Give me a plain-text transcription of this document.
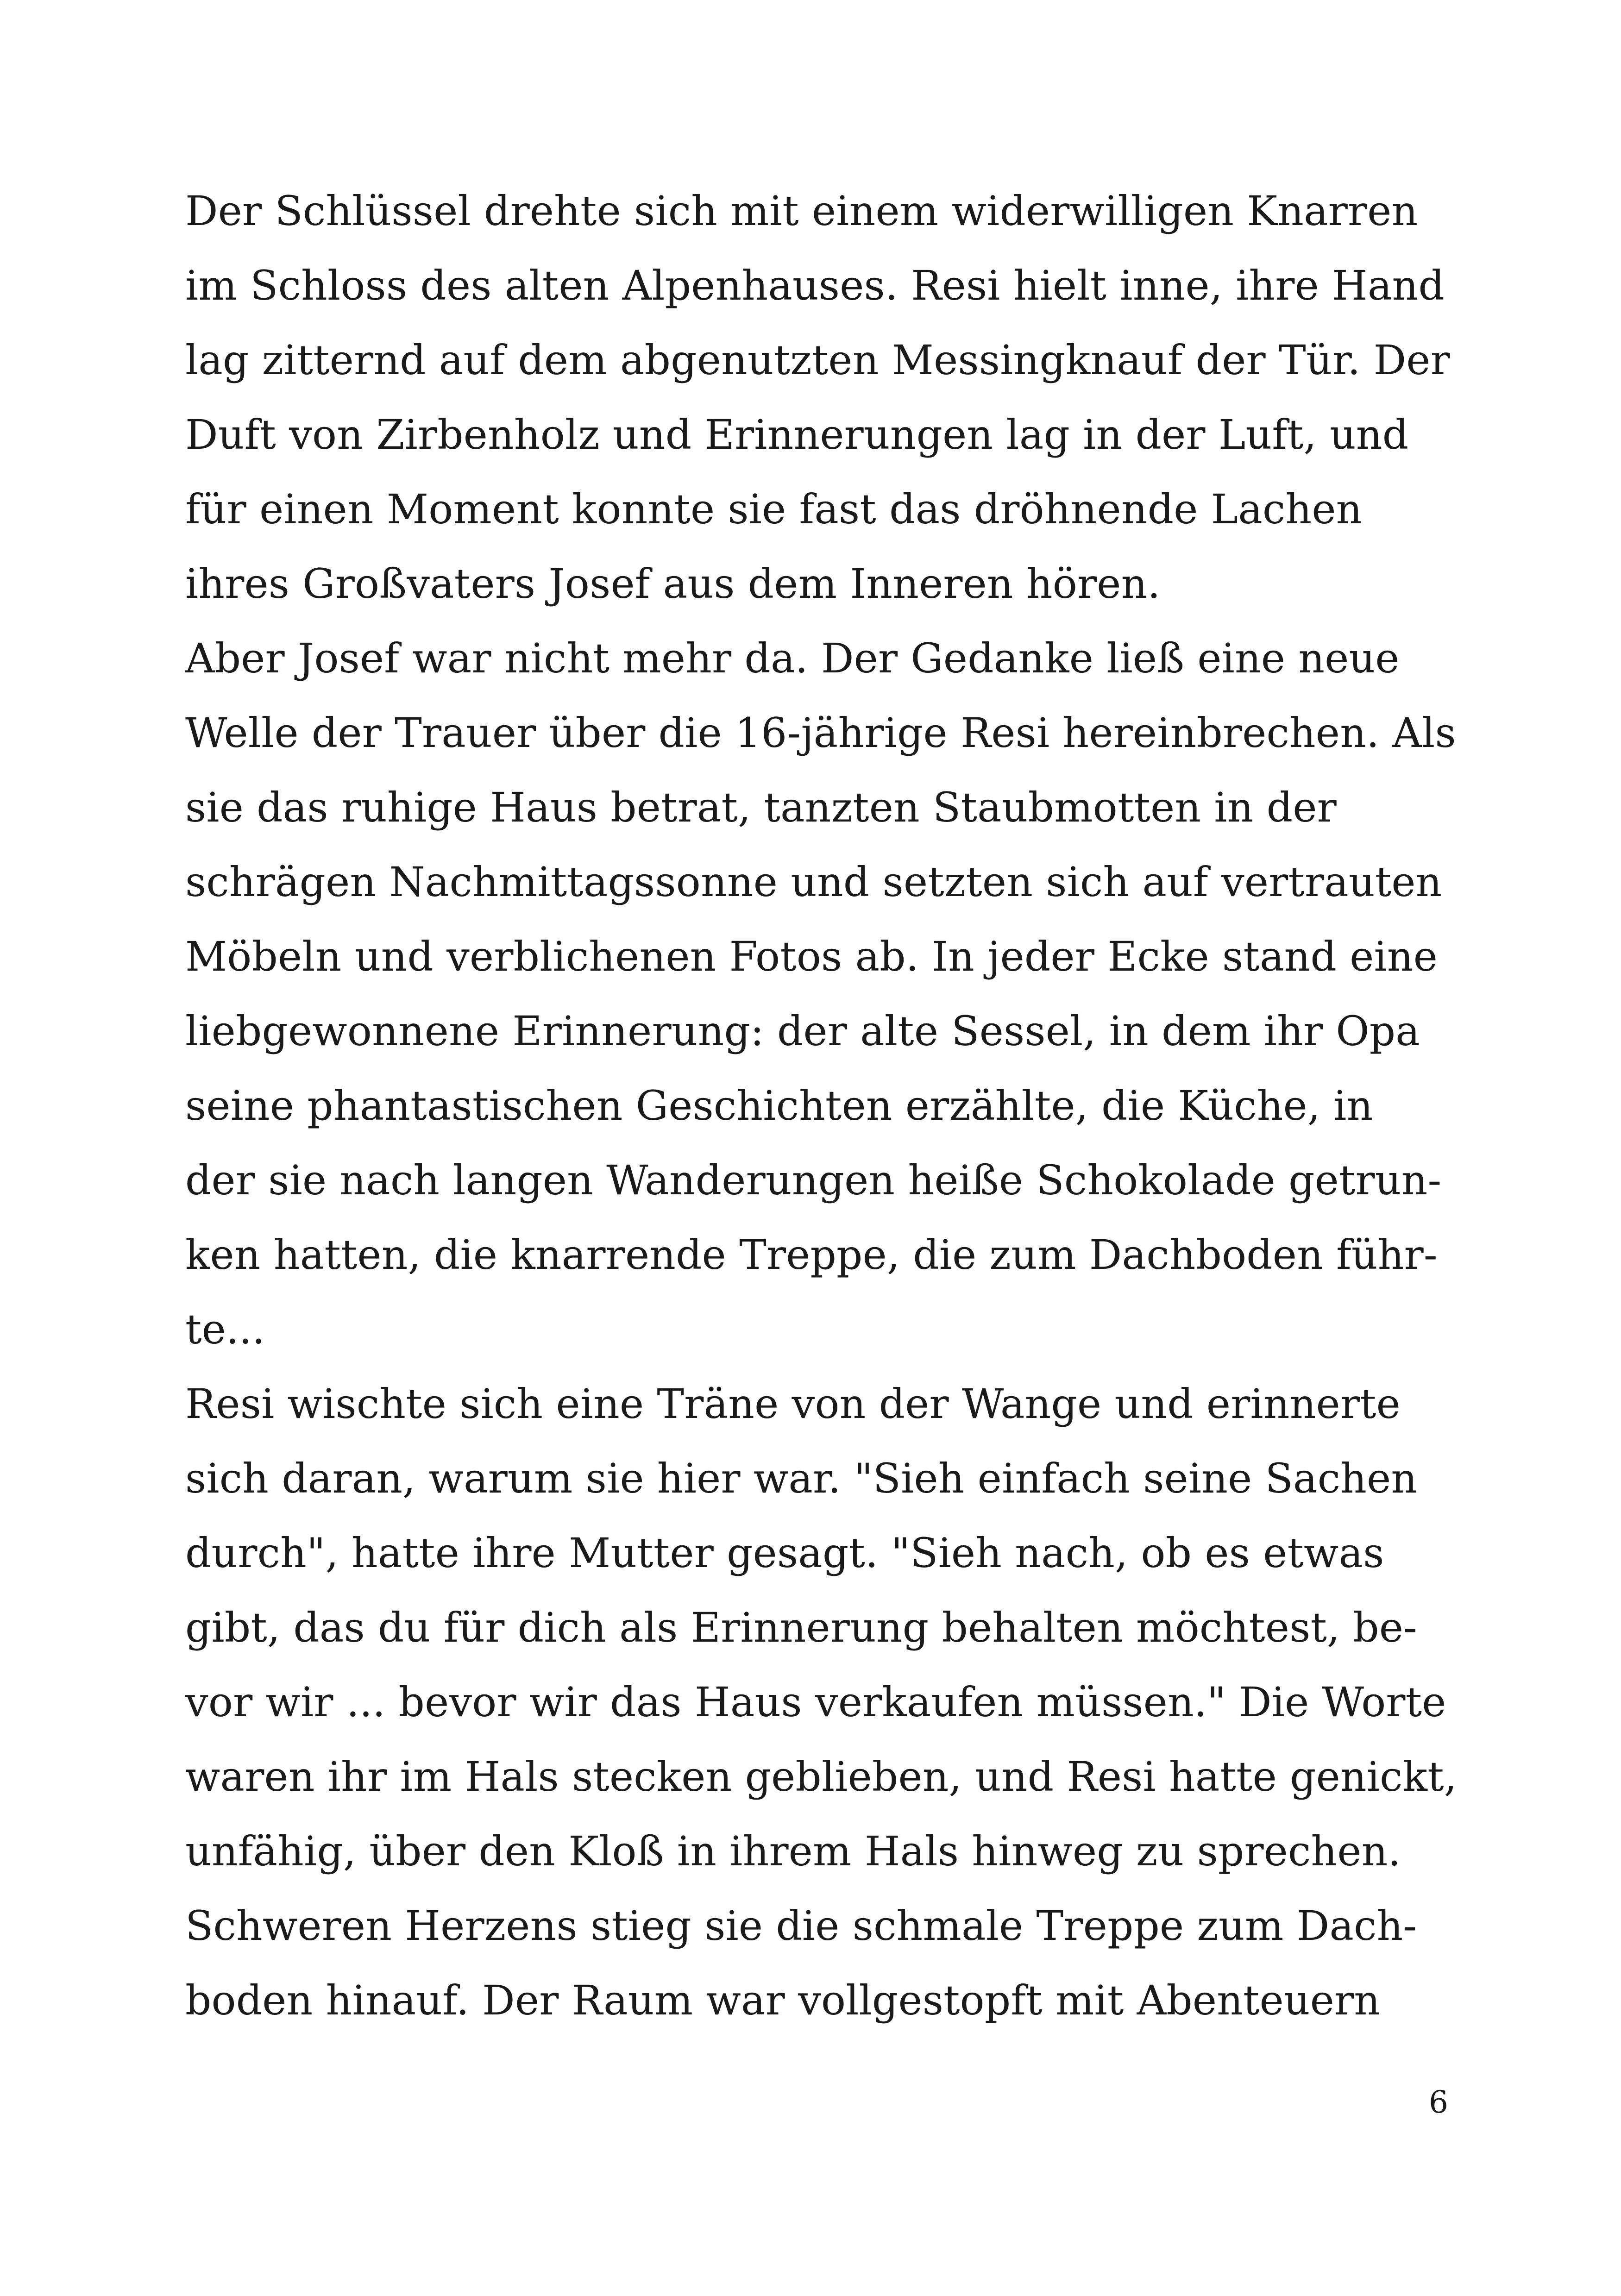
Der Schlüssel drehte sich mit einem widerwilligen Knarren
im Schloss des alten Alpenhauses. Resi hielt inne, ihre Hand
lag zitternd auf dem abgenutzten Messingknauf der Tür. Der
Duft von Zirbenholz und Erinnerungen lag in der Luft, und
für einen Moment konnte sie fast das dröhnende Lachen
ihres Großvaters Josef aus dem Inneren hören.
Aber Josef war nicht mehr da. Der Gedanke ließ eine neue
Welle der Trauer über die 16-jährige Resi hereinbrechen. Als
sie das ruhige Haus betrat, tanzten Staubmotten in der
schrägen Nachmittagssonne und setzten sich auf vertrauten
Möbeln und verblichenen Fotos ab. In jeder Ecke stand eine
liebgewonnene Erinnerung: der alte Sessel, in dem ihr Opa
seine phantastischen Geschichten erzählte, die Küche, in
der sie nach langen Wanderungen heiße Schokolade getrun-
ken hatten, die knarrende Treppe, die zum Dachboden führ-
te...
Resi wischte sich eine Träne von der Wange und erinnerte
sich daran, warum sie hier war. "Sieh einfach seine Sachen
durch", hatte ihre Mutter gesagt. "Sieh nach, ob es etwas
gibt, das du für dich als Erinnerung behalten möchtest, be-
vor wir ... bevor wir das Haus verkaufen müssen." Die Worte
waren ihr im Hals stecken geblieben, und Resi hatte genickt,
unfähig, über den Kloß in ihrem Hals hinweg zu sprechen.
Schweren Herzens stieg sie die schmale Treppe zum Dach-
boden hinauf. Der Raum war vollgestopft mit Abenteuern
6
